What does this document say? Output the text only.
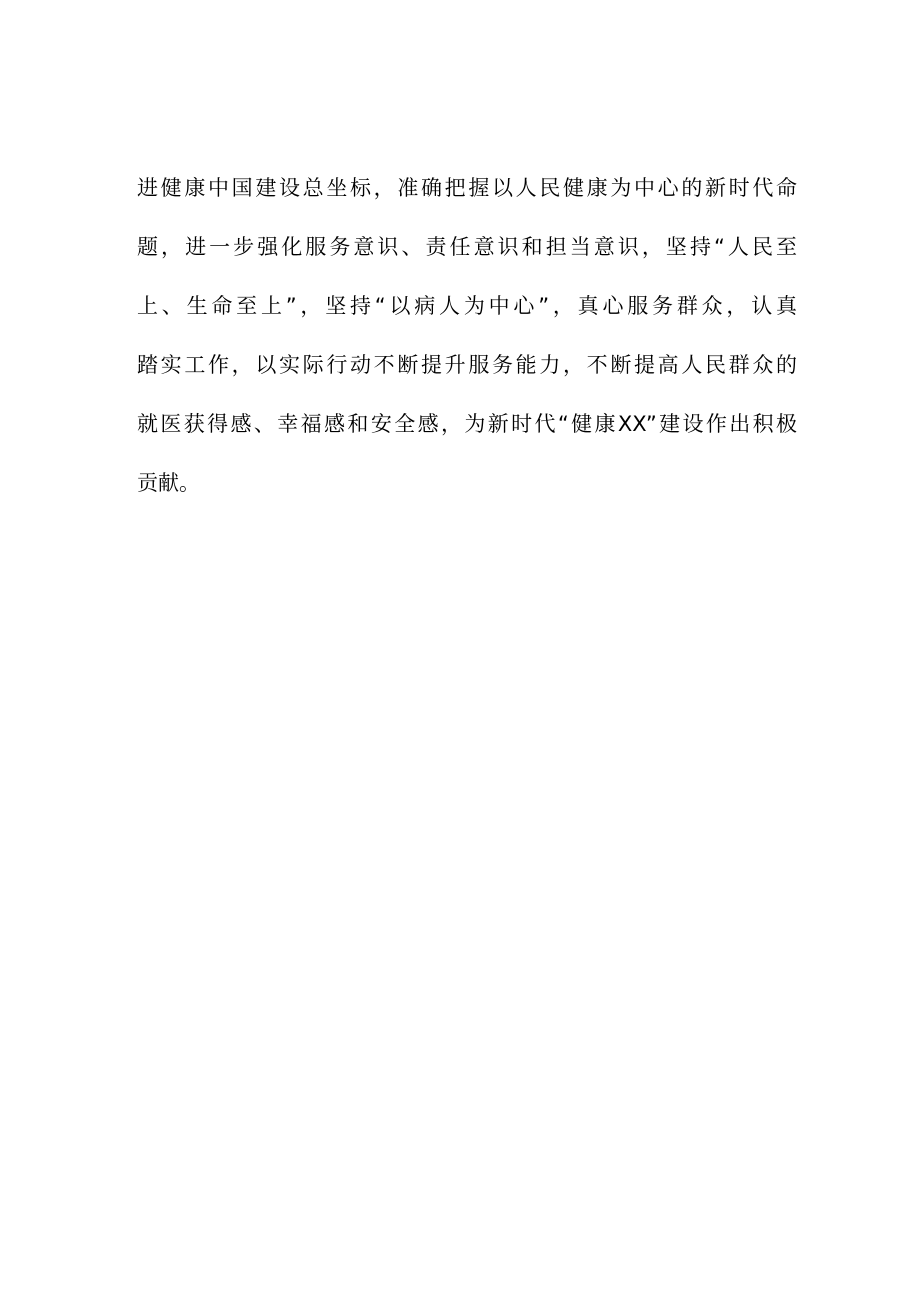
进健康中国建设总坐标，准确把握以人民健康为中心的新时代命
题，进一步强化服务意识、责任意识和担当意识，坚持“人民至
上、生命至上”，坚持“以病人为中心”，真心服务群众，认真
踏实工作，以实际行动不断提升服务能力，不断提高人民群众的
就医获得感、幸福感和安全感，为新时代“健康XX”建设作出积极
贡献。
